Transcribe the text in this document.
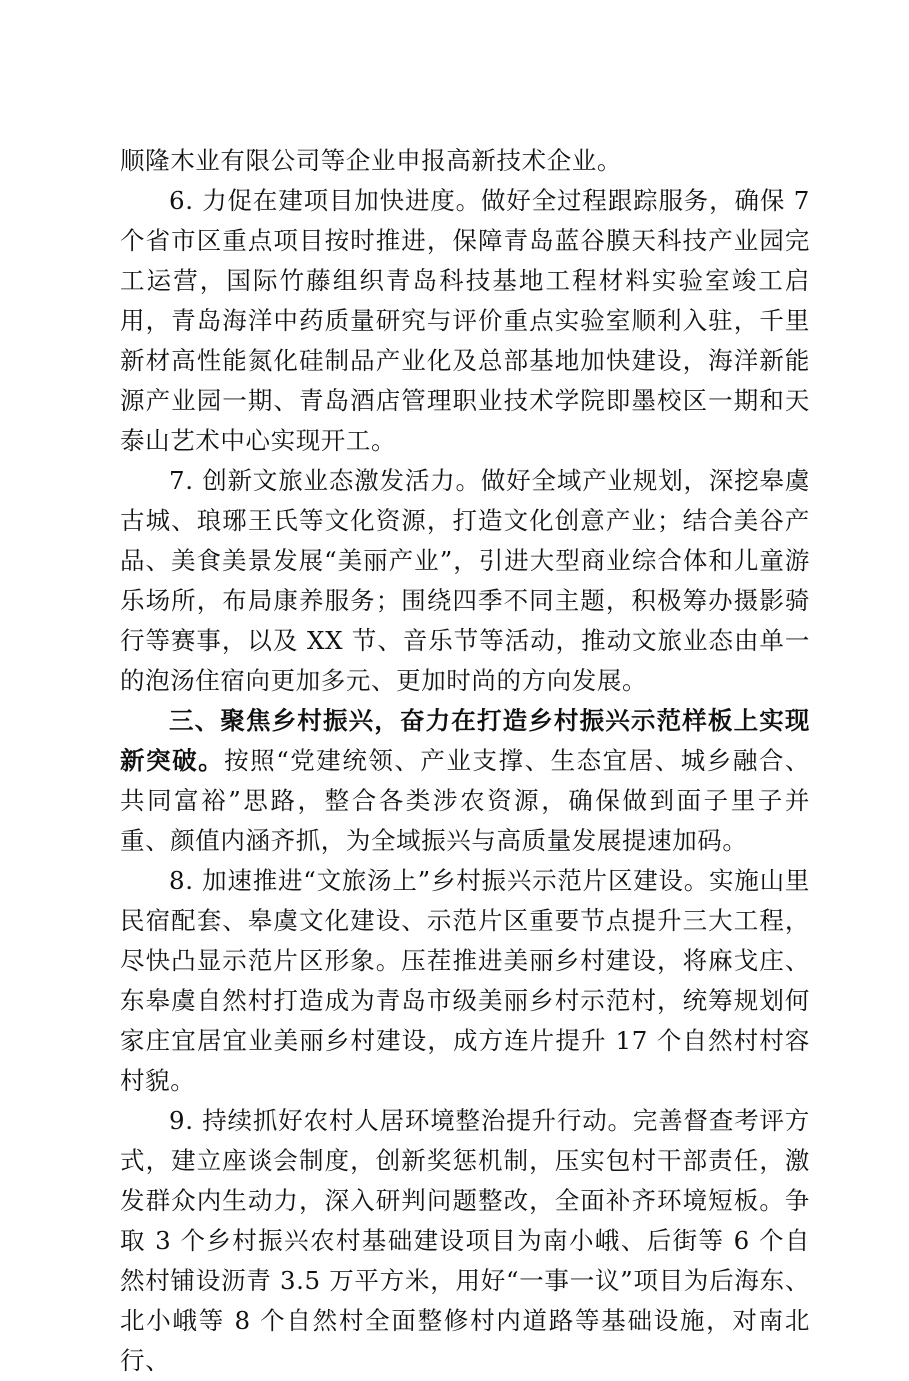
顺隆木业有限公司等企业申报高新技术企业。

6. 力促在建项目加快进度。做好全过程跟踪服务，确保 7 个省市区重点项目按时推进，保障青岛蓝谷膜天科技产业园完工运营，国际竹藤组织青岛科技基地工程材料实验室竣工启用，青岛海洋中药质量研究与评价重点实验室顺利入驻，千里新材高性能氮化硅制品产业化及总部基地加快建设，海洋新能源产业园一期、青岛酒店管理职业技术学院即墨校区一期和天泰山艺术中心实现开工。

7. 创新文旅业态激发活力。做好全域产业规划，深挖皋虞古城、琅琊王氏等文化资源，打造文化创意产业；结合美谷产品、美食美景发展“美丽产业”，引进大型商业综合体和儿童游乐场所，布局康养服务；围绕四季不同主题，积极筹办摄影骑行等赛事，以及 XX 节、音乐节等活动，推动文旅业态由单一的泡汤住宿向更加多元、更加时尚的方向发展。

三、聚焦乡村振兴，奋力在打造乡村振兴示范样板上实现新突破。按照“党建统领、产业支撑、生态宜居、城乡融合、共同富裕”思路，整合各类涉农资源，确保做到面子里子并重、颜值内涵齐抓，为全域振兴与高质量发展提速加码。

8. 加速推进“文旅汤上”乡村振兴示范片区建设。实施山里民宿配套、皋虞文化建设、示范片区重要节点提升三大工程，尽快凸显示范片区形象。压茬推进美丽乡村建设，将麻戈庄、东皋虞自然村打造成为青岛市级美丽乡村示范村，统筹规划何家庄宜居宜业美丽乡村建设，成方连片提升 17 个自然村村容村貌。

9. 持续抓好农村人居环境整治提升行动。完善督查考评方式，建立座谈会制度，创新奖惩机制，压实包村干部责任，激发群众内生动力，深入研判问题整改，全面补齐环境短板。争取 3 个乡村振兴农村基础建设项目为南小峨、后街等 6 个自然村铺设沥青 3.5 万平方米，用好“一事一议”项目为后海东、北小峨等 8 个自然村全面整修村内道路等基础设施，对南北行、
